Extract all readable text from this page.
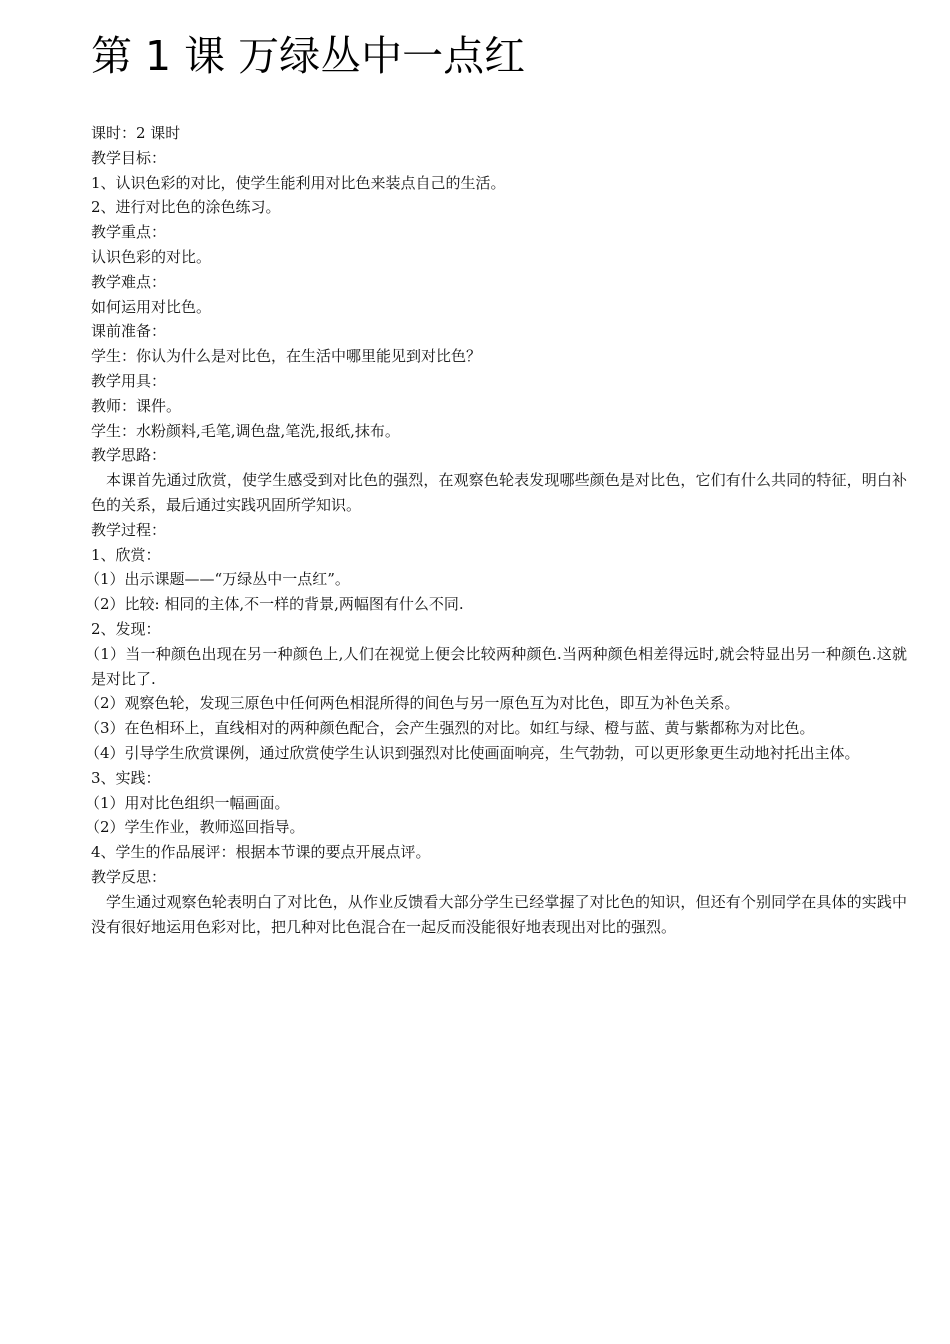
第 1 课 万绿丛中一点红

课时：2 课时

教学目标：

1、认识色彩的对比，使学生能利用对比色来装点自己的生活。

2、进行对比色的涂色练习。

教学重点：

认识色彩的对比。

教学难点：

如何运用对比色。

课前准备：

学生：你认为什么是对比色，在生活中哪里能见到对比色？

教学用具：

教师：课件。

学生：水粉颜料,毛笔,调色盘,笔洗,报纸,抹布。

教学思路：

本课首先通过欣赏，使学生感受到对比色的强烈，在观察色轮表发现哪些颜色是对比色，它们有什么共同的特征，明白补色的关系，最后通过实践巩固所学知识。

教学过程：

1、欣赏：

（1）出示课题——“万绿丛中一点红”。

（2）比较: 相同的主体,不一样的背景,两幅图有什么不同.

2、发现：

（1）当一种颜色出现在另一种颜色上,人们在视觉上便会比较两种颜色.当两种颜色相差得远时,就会特显出另一种颜色.这就是对比了.

（2）观察色轮，发现三原色中任何两色相混所得的间色与另一原色互为对比色，即互为补色关系。

（3）在色相环上，直线相对的两种颜色配合，会产生强烈的对比。如红与绿、橙与蓝、黄与紫都称为对比色。

（4）引导学生欣赏课例，通过欣赏使学生认识到强烈对比使画面响亮，生气勃勃，可以更形象更生动地衬托出主体。

3、实践：

（1）用对比色组织一幅画面。

（2）学生作业，教师巡回指导。

4、学生的作品展评：根据本节课的要点开展点评。

教学反思：

学生通过观察色轮表明白了对比色，从作业反馈看大部分学生已经掌握了对比色的知识，但还有个别同学在具体的实践中没有很好地运用色彩对比，把几种对比色混合在一起反而没能很好地表现出对比的强烈。
